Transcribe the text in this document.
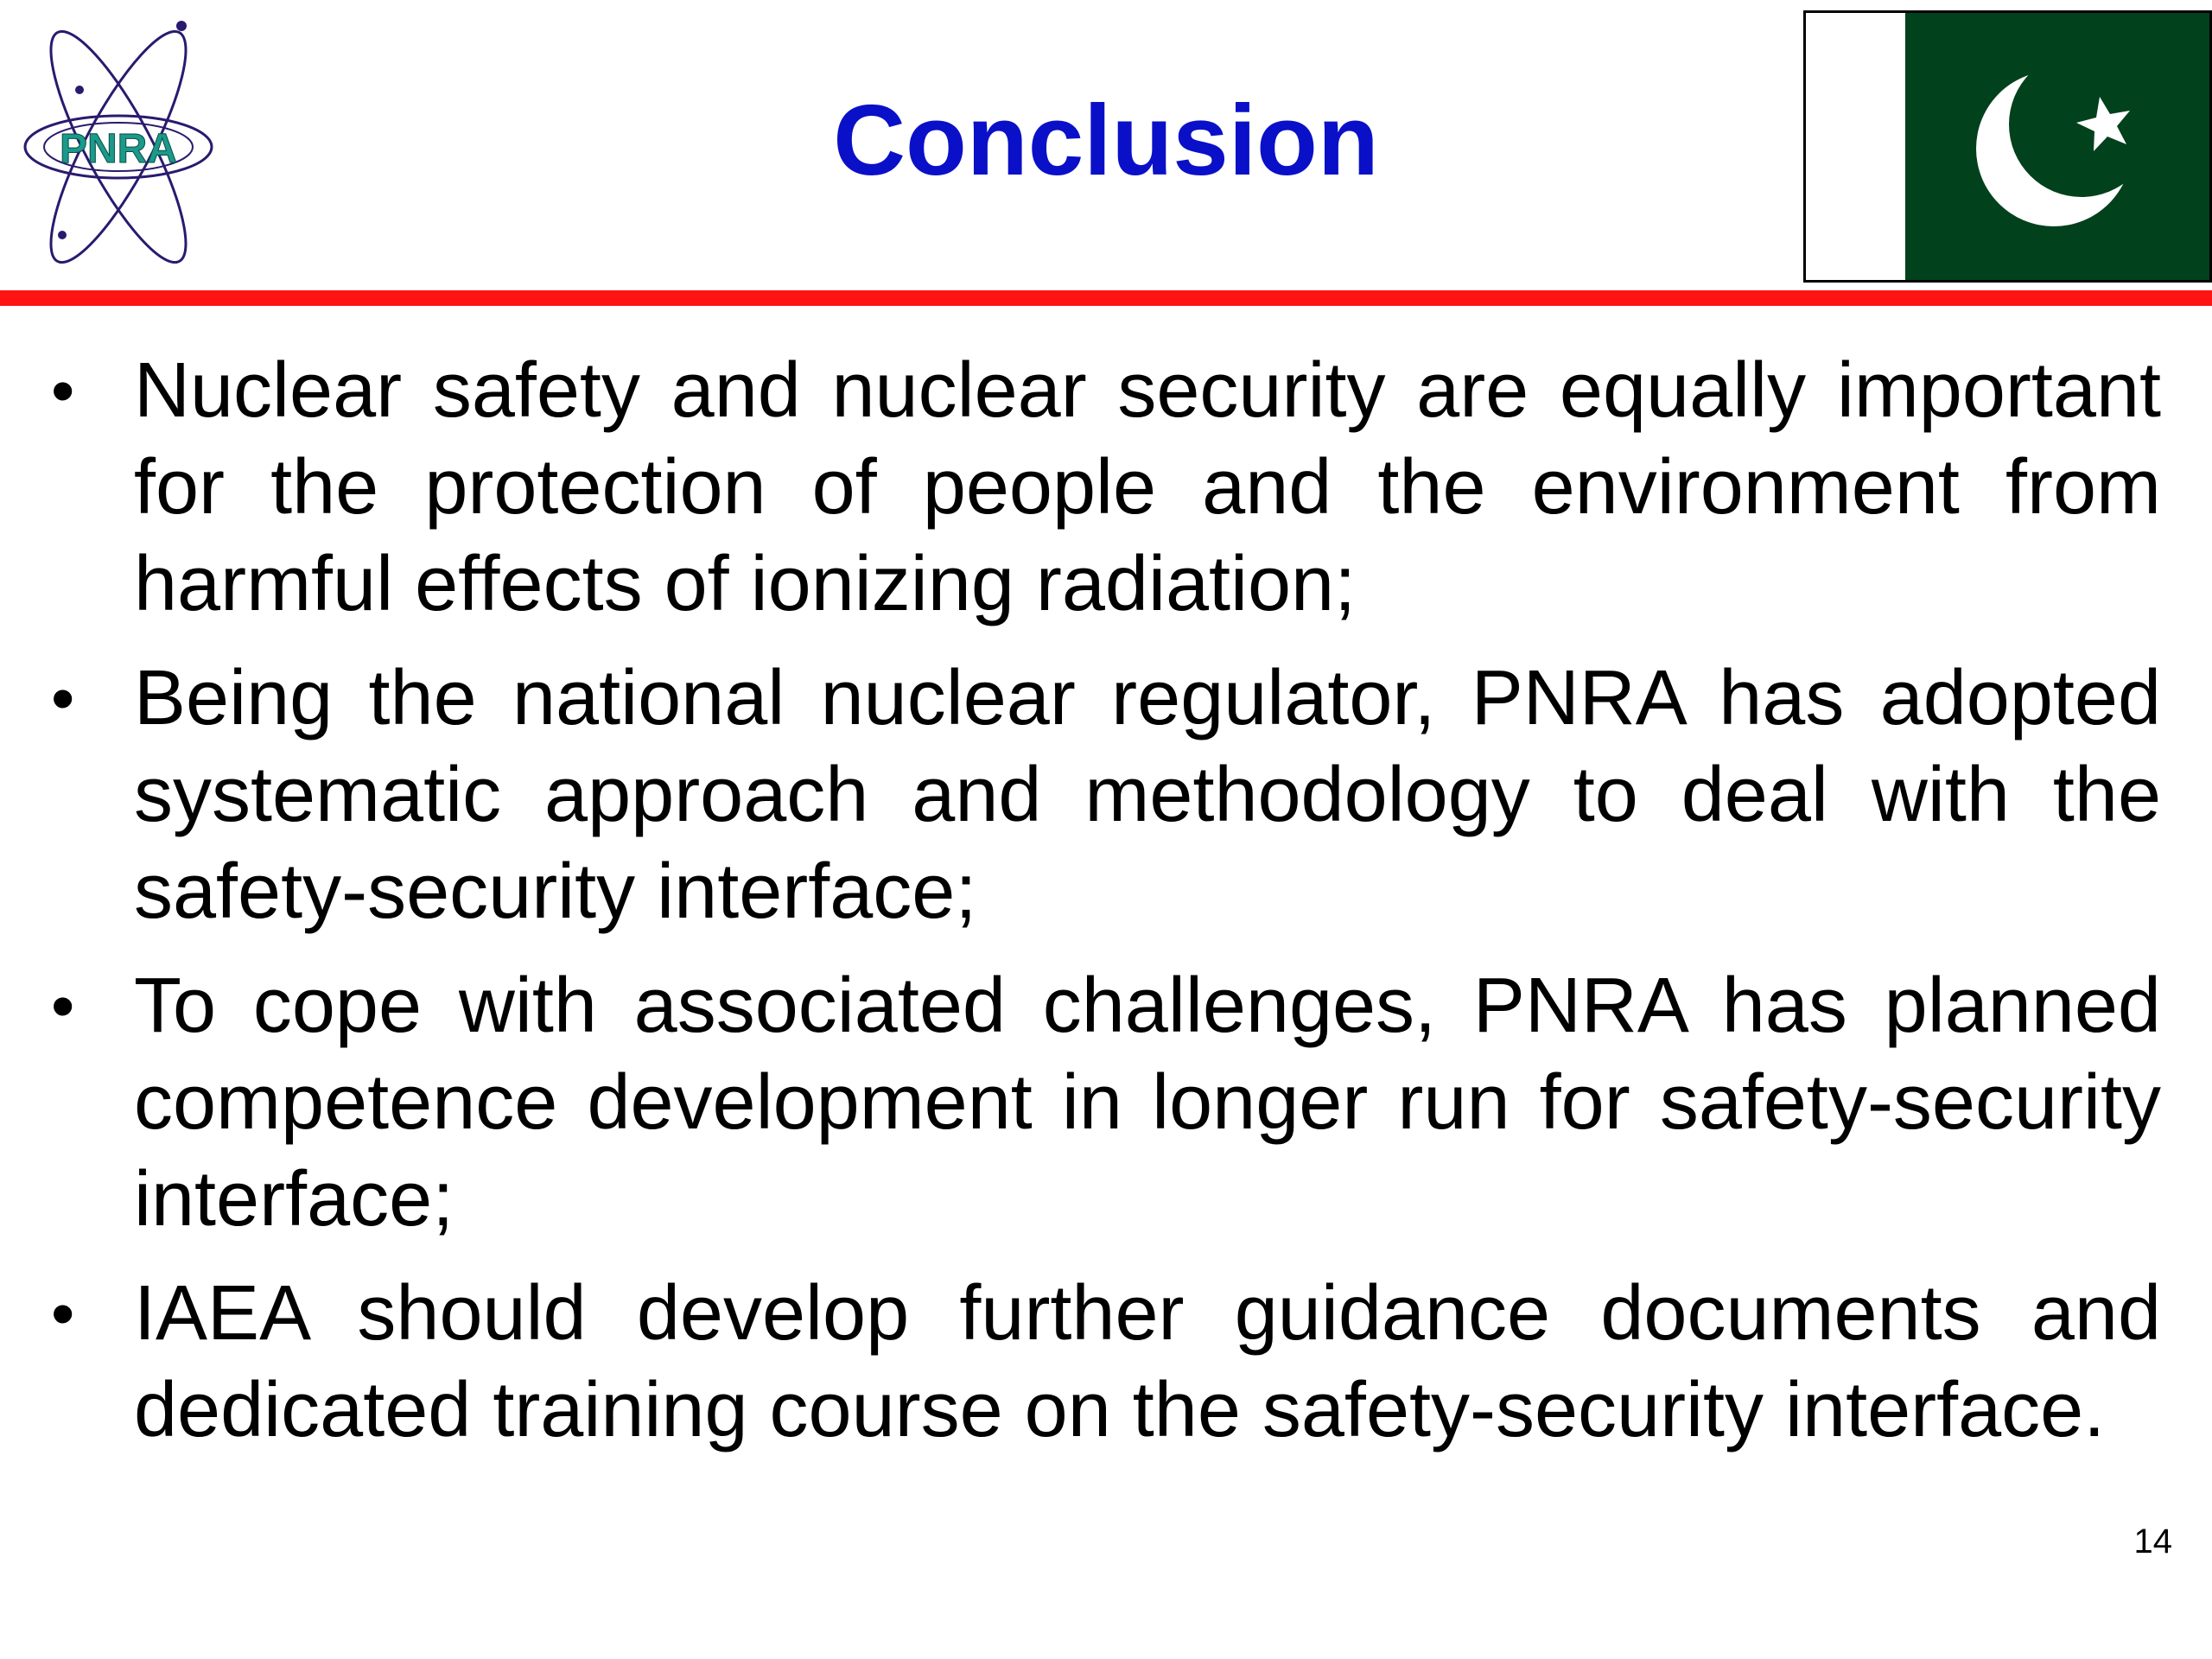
PNRA	Conclusion
• Nuclear safety and nuclear security are equally important for the protection of people and the environment from harmful effects of ionizing radiation;
• Being the national nuclear regulator, PNRA has adopted systematic approach and methodology to deal with the safety-security interface;
• To cope with associated challenges, PNRA has planned competence development in longer run for safety-security interface;
• IAEA should develop further guidance documents and dedicated training course on the safety-security interface.
14
